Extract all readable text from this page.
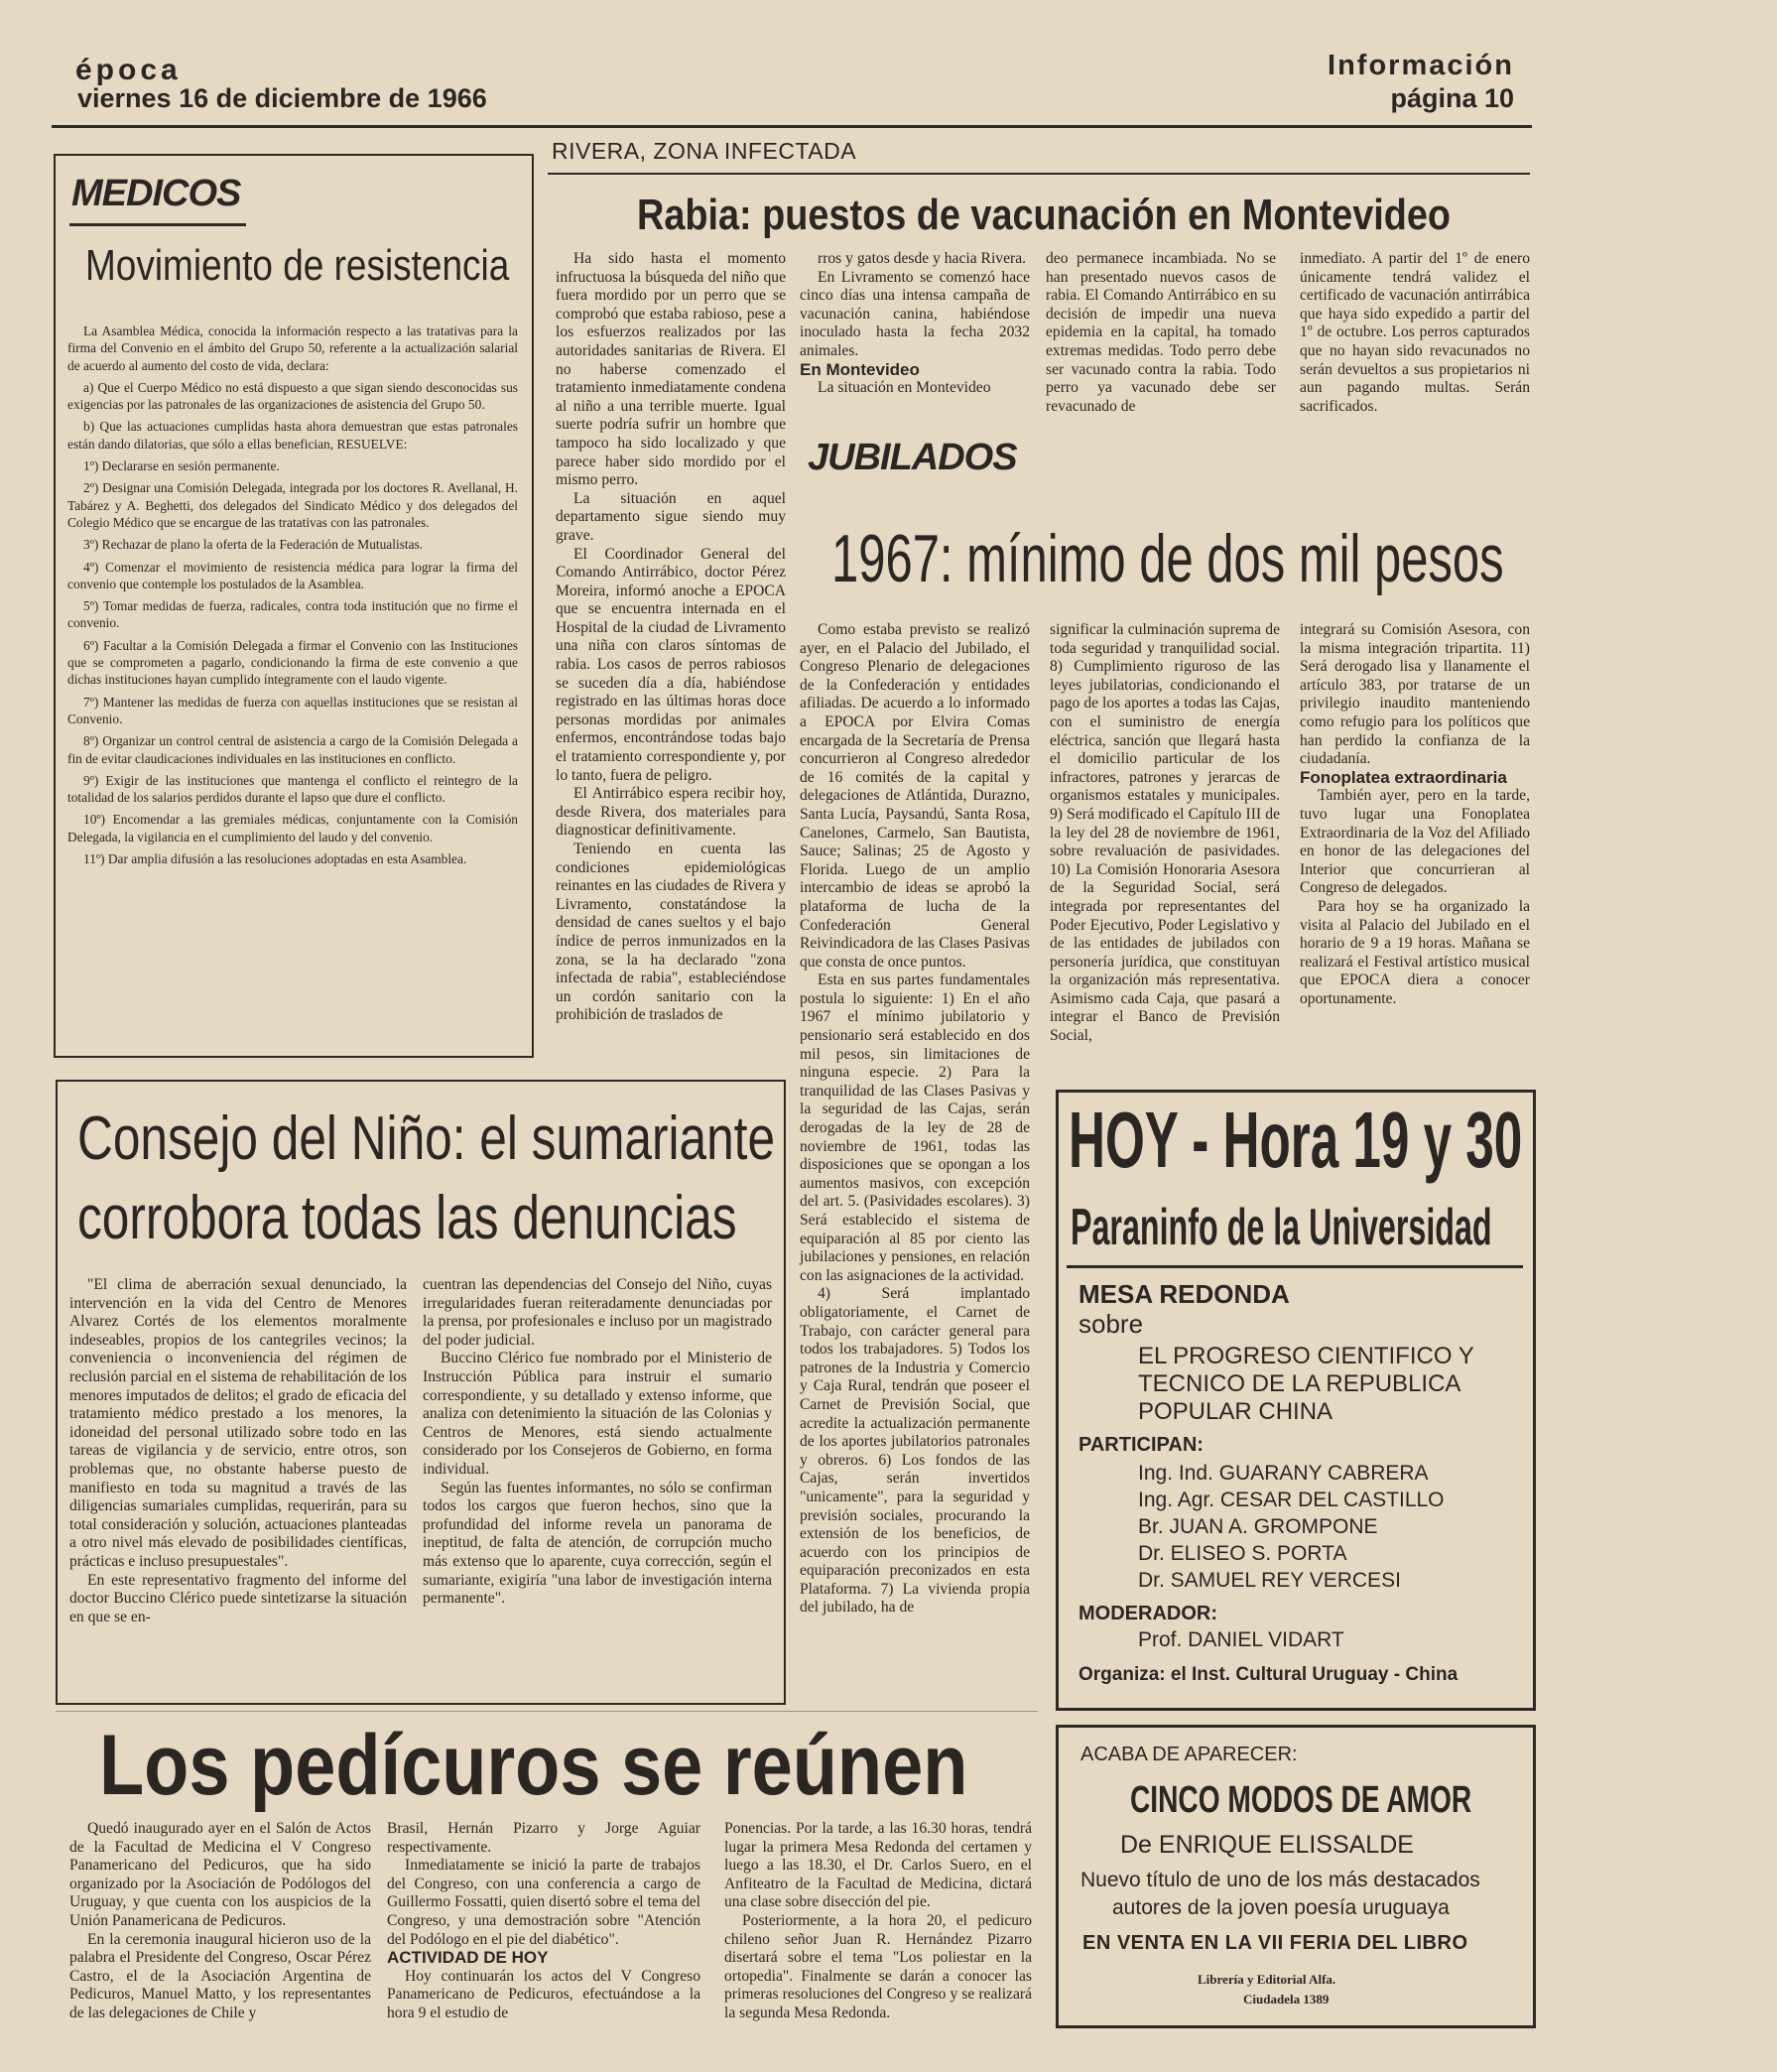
época
viernes 16 de diciembre de 1966
Información
página 10
MEDICOS
Movimiento de resistencia

La Asamblea Médica, conocida la información respecto a las tratativas para la firma del Convenio en el ámbito del Grupo 50, referente a la actualización salarial de acuerdo al aumento del costo de vida, declara:

a) Que el Cuerpo Médico no está dispuesto a que sigan siendo desconocidas sus exigencias por las patronales de las organizaciones de asistencia del Grupo 50.

b) Que las actuaciones cumplidas hasta ahora demuestran que estas patronales están dando dilatorias, que sólo a ellas benefician, RESUELVE:

1º) Declararse en sesión permanente.

2º) Designar una Comisión Delegada, integrada por los doctores R. Avellanal, H. Tabárez y A. Beghetti, dos delegados del Sindicato Médico y dos delegados del Colegio Médico que se encargue de las tratativas con las patronales.

3º) Rechazar de plano la oferta de la Federación de Mutualistas.

4º) Comenzar el movimiento de resistencia médica para lograr la firma del convenio que contemple los postulados de la Asamblea.

5º) Tomar medidas de fuerza, radicales, contra toda institución que no firme el convenio.

6º) Facultar a la Comisión Delegada a firmar el Convenio con las Instituciones que se comprometen a pagarlo, condicionando la firma de este convenio a que dichas instituciones hayan cumplido íntegramente con el laudo vigente.

7º) Mantener las medidas de fuerza con aquellas instituciones que se resistan al Convenio.

8º) Organizar un control central de asistencia a cargo de la Comisión Delegada a fin de evitar claudicaciones individuales en las instituciones en conflicto.

9º) Exigir de las instituciones que mantenga el conflicto el reintegro de la totalidad de los salarios perdidos durante el lapso que dure el conflicto.

10º) Encomendar a las gremiales médicas, conjuntamente con la Comisión Delegada, la vigilancia en el cumplimiento del laudo y del convenio.

11º) Dar amplia difusión a las resoluciones adoptadas en esta Asamblea.

RIVERA, ZONA INFECTADA
Rabia: puestos de vacunación en Montevideo

Ha sido hasta el momento infructuosa la búsqueda del niño que fuera mordido por un perro que se comprobó que estaba rabioso, pese a los esfuerzos realizados por las autoridades sanitarias de Rivera. El no haberse comenzado el tratamiento inmediatamente condena al niño a una terrible muerte. Igual suerte podría sufrir un hombre que tampoco ha sido localizado y que parece haber sido mordido por el mismo perro.

La situación en aquel departamento sigue siendo muy grave.

El Coordinador General del Comando Antirrábico, doctor Pérez Moreira, informó anoche a EPOCA que se encuentra internada en el Hospital de la ciudad de Livramento una niña con claros síntomas de rabia. Los casos de perros rabiosos se suceden día a día, habiéndose registrado en las últimas horas doce personas mordidas por animales enfermos, encontrándose todas bajo el tratamiento correspondiente y, por lo tanto, fuera de peligro.

El Antirrábico espera recibir hoy, desde Rivera, dos materiales para diagnosticar definitivamente.

Teniendo en cuenta las condiciones epidemiológicas reinantes en las ciudades de Rivera y Livramento, constatándose la densidad de canes sueltos y el bajo índice de perros inmunizados en la zona, se la ha declarado "zona infectada de rabia", estableciéndose un cordón sanitario con la prohibición de traslados de

rros y gatos desde y hacia Rivera.

En Livramento se comenzó hace cinco días una intensa campaña de vacunación canina, habiéndose inoculado hasta la fecha 2032 animales.

En Montevideo

La situación en Montevideo

deo permanece incambiada. No se han presentado nuevos casos de rabia. El Comando Antirrábico en su decisión de impedir una nueva epidemia en la capital, ha tomado extremas medidas. Todo perro debe ser vacunado contra la rabia. Todo perro ya vacunado debe ser revacunado de

inmediato. A partir del 1º de enero únicamente tendrá validez el certificado de vacunación antirrábica que haya sido expedido a partir del 1º de octubre. Los perros capturados que no hayan sido revacunados no serán devueltos a sus propietarios ni aun pagando multas. Serán sacrificados.

JUBILADOS
1967: mínimo de dos mil pesos

Como estaba previsto se realizó ayer, en el Palacio del Jubilado, el Congreso Plenario de delegaciones de la Confederación y entidades afiliadas. De acuerdo a lo informado a EPOCA por Elvira Comas encargada de la Secretaría de Prensa concurrieron al Congreso alrededor de 16 comités de la capital y delegaciones de Atlántida, Durazno, Santa Lucía, Paysandú, Santa Rosa, Canelones, Carmelo, San Bautista, Sauce; Salinas; 25 de Agosto y Florida. Luego de un amplio intercambio de ideas se aprobó la plataforma de lucha de la Confederación General Reivindicadora de las Clases Pasivas que consta de once puntos.

Esta en sus partes fundamentales postula lo siguiente: 1) En el año 1967 el mínimo jubilatorio y pensionario será establecido en dos mil pesos, sin limitaciones de ninguna especie. 2) Para la tranquilidad de las Clases Pasivas y la seguridad de las Cajas, serán derogadas de la ley de 28 de noviembre de 1961, todas las disposiciones que se opongan a los aumentos masivos, con excepción del art. 5. (Pasividades escolares). 3) Será establecido el sistema de equiparación al 85 por ciento las jubilaciones y pensiones, en relación con las asignaciones de la actividad.

4) Será implantado obligatoriamente, el Carnet de Trabajo, con carácter general para todos los trabajadores. 5) Todos los patrones de la Industria y Comercio y Caja Rural, tendrán que poseer el Carnet de Previsión Social, que acredite la actualización permanente de los aportes jubilatorios patronales y obreros. 6) Los fondos de las Cajas, serán invertidos "unicamente", para la seguridad y previsión sociales, procurando la extensión de los beneficios, de acuerdo con los principios de equiparación preconizados en esta Plataforma. 7) La vivienda propia del jubilado, ha de

significar la culminación suprema de toda seguridad y tranquilidad social. 8) Cumplimiento riguroso de las leyes jubilatorias, condicionando el pago de los aportes a todas las Cajas, con el suministro de energía eléctrica, sanción que llegará hasta el domicilio particular de los infractores, patrones y jerarcas de organismos estatales y municipales. 9) Será modificado el Capítulo III de la ley del 28 de noviembre de 1961, sobre revaluación de pasividades. 10) La Comisión Honoraria Asesora de la Seguridad Social, será integrada por representantes del Poder Ejecutivo, Poder Legislativo y de las entidades de jubilados con personería jurídica, que constituyan la organización más representativa. Asimismo cada Caja, que pasará a integrar el Banco de Previsión Social,

integrará su Comisión Asesora, con la misma integración tripartita. 11) Será derogado lisa y llanamente el artículo 383, por tratarse de un privilegio inaudito manteniendo como refugio para los políticos que han perdido la confianza de la ciudadanía.

Fonoplatea extraordinaria

También ayer, pero en la tarde, tuvo lugar una Fonoplatea Extraordinaria de la Voz del Afiliado en honor de las delegaciones del Interior que concurrieran al Congreso de delegados.

Para hoy se ha organizado la visita al Palacio del Jubilado en el horario de 9 a 19 horas. Mañana se realizará el Festival artístico musical que EPOCA diera a conocer oportunamente.

Consejo del Niño: el sumariante
corrobora todas las denuncias

"El clima de aberración sexual denunciado, la intervención en la vida del Centro de Menores Alvarez Cortés de los elementos moralmente indeseables, propios de los cantegriles vecinos; la conveniencia o inconveniencia del régimen de reclusión parcial en el sistema de rehabilitación de los menores imputados de delitos; el grado de eficacia del tratamiento médico prestado a los menores, la idoneidad del personal utilizado sobre todo en las tareas de vigilancia y de servicio, entre otros, son problemas que, no obstante haberse puesto de manifiesto en toda su magnitud a través de las diligencias sumariales cumplidas, requerirán, para su total consideración y solución, actuaciones planteadas a otro nivel más elevado de posibilidades científicas, prácticas e incluso presupuestales".

En este representativo fragmento del informe del doctor Buccino Clérico puede sintetizarse la situación en que se en-

cuentran las dependencias del Consejo del Niño, cuyas irregularidades fueran reiteradamente denunciadas por la prensa, por profesionales e incluso por un magistrado del poder judicial.

Buccino Clérico fue nombrado por el Ministerio de Instrucción Pública para instruir el sumario correspondiente, y su detallado y extenso informe, que analiza con detenimiento la situación de las Colonias y Centros de Menores, está siendo actualmente considerado por los Consejeros de Gobierno, en forma individual.

Según las fuentes informantes, no sólo se confirman todos los cargos que fueron hechos, sino que la profundidad del informe revela un panorama de ineptitud, de falta de atención, de corrupción mucho más extenso que lo aparente, cuya corrección, según el sumariante, exigiría "una labor de investigación interna permanente".

Los pedícuros se reúnen

Quedó inaugurado ayer en el Salón de Actos de la Facultad de Medicina el V Congreso Panamericano del Pedicuros, que ha sido organizado por la Asociación de Podólogos del Uruguay, y que cuenta con los auspicios de la Unión Panamericana de Pedicuros.

En la ceremonia inaugural hicieron uso de la palabra el Presidente del Congreso, Oscar Pérez Castro, el de la Asociación Argentina de Pedicuros, Manuel Matto, y los representantes de las delegaciones de Chile y

Brasil, Hernán Pizarro y Jorge Aguiar respectivamente.

Inmediatamente se inició la parte de trabajos del Congreso, con una conferencia a cargo de Guillermo Fossatti, quien disertó sobre el tema del Congreso, y una demostración sobre "Atención del Podólogo en el pie del diabético".

ACTIVIDAD DE HOY

Hoy continuarán los actos del V Congreso Panamericano de Pedicuros, efectuándose a la hora 9 el estudio de

Ponencias. Por la tarde, a las 16.30 horas, tendrá lugar la primera Mesa Redonda del certamen y luego a las 18.30, el Dr. Carlos Suero, en el Anfiteatro de la Facultad de Medicina, dictará una clase sobre disección del pie.

Posteriormente, a la hora 20, el pedicuro chileno señor Juan R. Hernández Pizarro disertará sobre el tema "Los poliestar en la ortopedia". Finalmente se darán a conocer las primeras resoluciones del Congreso y se realizará la segunda Mesa Redonda.

HOY - Hora 19 y 30
Paraninfo de la Universidad
MESA REDONDA
sobre
EL PROGRESO CIENTIFICO Y
TECNICO DE LA REPUBLICA
POPULAR CHINA
PARTICIPAN:
Ing. Ind. GUARANY CABRERA
Ing. Agr. CESAR DEL CASTILLO
Br. JUAN A. GROMPONE
Dr. ELISEO S. PORTA
Dr. SAMUEL REY VERCESI
MODERADOR:
Prof. DANIEL VIDART
Organiza: el Inst. Cultural Uruguay - China
ACABA DE APARECER:
CINCO MODOS DE AMOR
De ENRIQUE ELISSALDE
Nuevo título de uno de los más destacados
autores de la joven poesía uruguaya
EN VENTA EN LA VII FERIA DEL LIBRO
Librería y Editorial Alfa.
Ciudadela 1389
